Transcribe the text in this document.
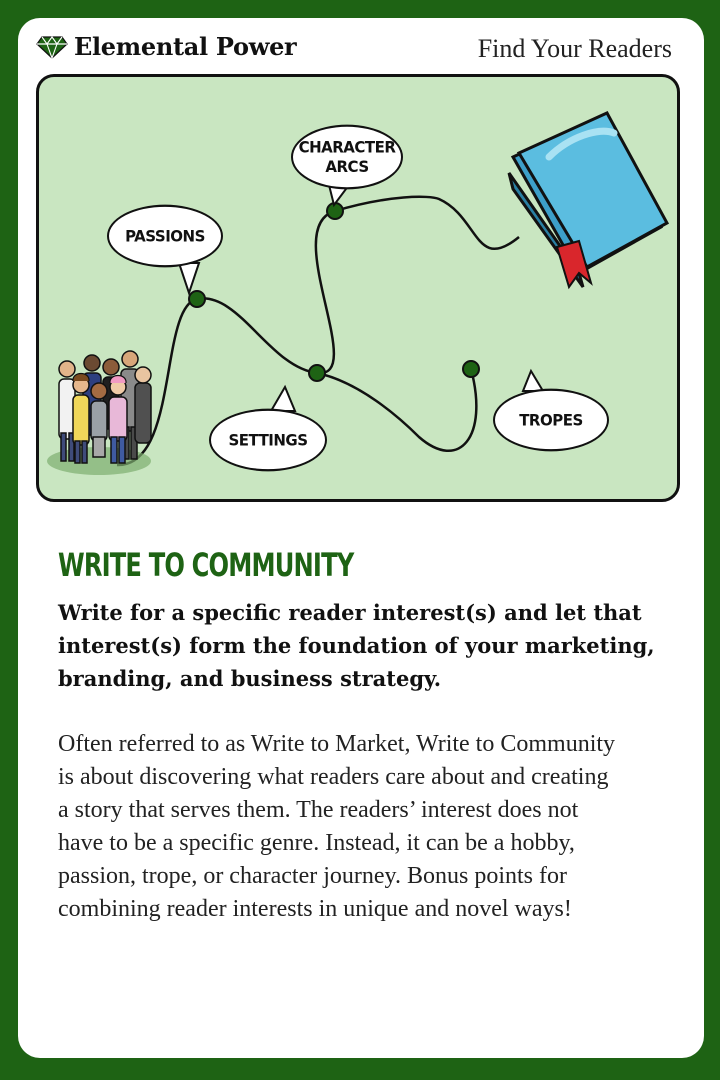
Elemental Power	Find Your Readers
PASSIONS
CHARACTER
ARCS
SETTINGS
TROPES
WRITE TO COMMUNITY
Write for a specific reader interest(s) and let that interest(s) form the foundation of your marketing, branding, and business strategy.
Often referred to as Write to Market, Write to Community is about discovering what readers care about and creating a story that serves them. The readers’ interest does not have to be a specific genre. Instead, it can be a hobby, passion, trope, or character journey. Bonus points for combining reader interests in unique and novel ways!
